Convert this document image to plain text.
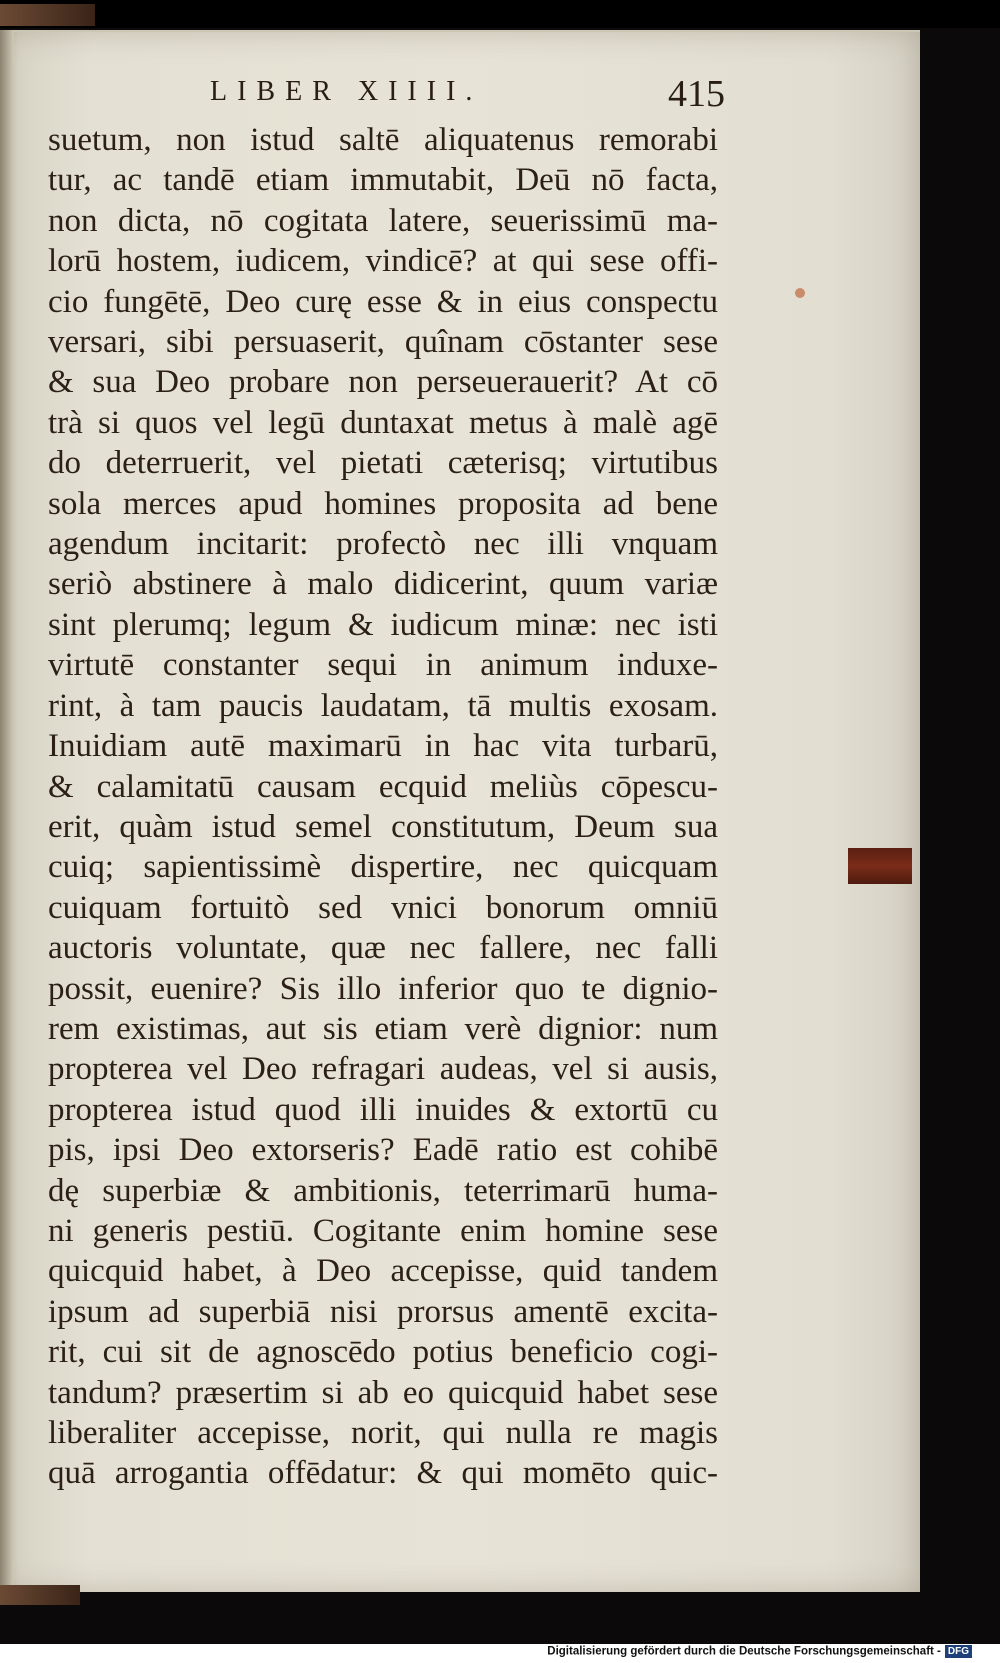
LIBER XIIII.	415
suetum, non istud saltē aliquatenus remorabi
tur, ac tandē etiam immutabit, Deū nō facta,
non dicta, nō cogitata latere, seuerissimū ma-
lorū hostem, iudicem, vindicē? at qui sese offi-
cio fungētē, Deo curę esse & in eius conspectu
versari, sibi persuaserit, quînam cōstanter sese
& sua Deo probare non perseuerauerit? At cō
trà si quos vel legū duntaxat metus à malè agē
do deterruerit, vel pietati cæterisq; virtutibus
sola merces apud homines proposita ad bene
agendum incitarit: profectò nec illi vnquam
seriò abstinere à malo didicerint, quum variæ
sint plerumq; legum & iudicum minæ: nec isti
virtutē constanter sequi in animum induxe-
rint, à tam paucis laudatam, tā multis exosam.
Inuidiam autē maximarū in hac vita turbarū,
& calamitatū causam ecquid meliùs cōpescu-
erit, quàm istud semel constitutum, Deum sua
cuiq; sapientissimè dispertire, nec quicquam
cuiquam fortuitò sed vnici bonorum omniū
auctoris voluntate, quæ nec fallere, nec falli
possit, euenire? Sis illo inferior quo te dignio-
rem existimas, aut sis etiam verè dignior: num
propterea vel Deo refragari audeas, vel si ausis,
propterea istud quod illi inuides & extortū cu
pis, ipsi Deo extorseris? Eadē ratio est cohibē
dę superbiæ & ambitionis, teterrimarū huma-
ni generis pestiū. Cogitante enim homine sese
quicquid habet, à Deo accepisse, quid tandem
ipsum ad superbiā nisi prorsus amentē excita-
rit, cui sit de agnoscēdo potius beneficio cogi-
tandum? præsertim si ab eo quicquid habet sese
liberaliter accepisse, norit, qui nulla re magis
quā arrogantia offēdatur: & qui momēto quic-
Digitalisierung gefördert durch die Deutsche Forschungsgemeinschaft - DFG
